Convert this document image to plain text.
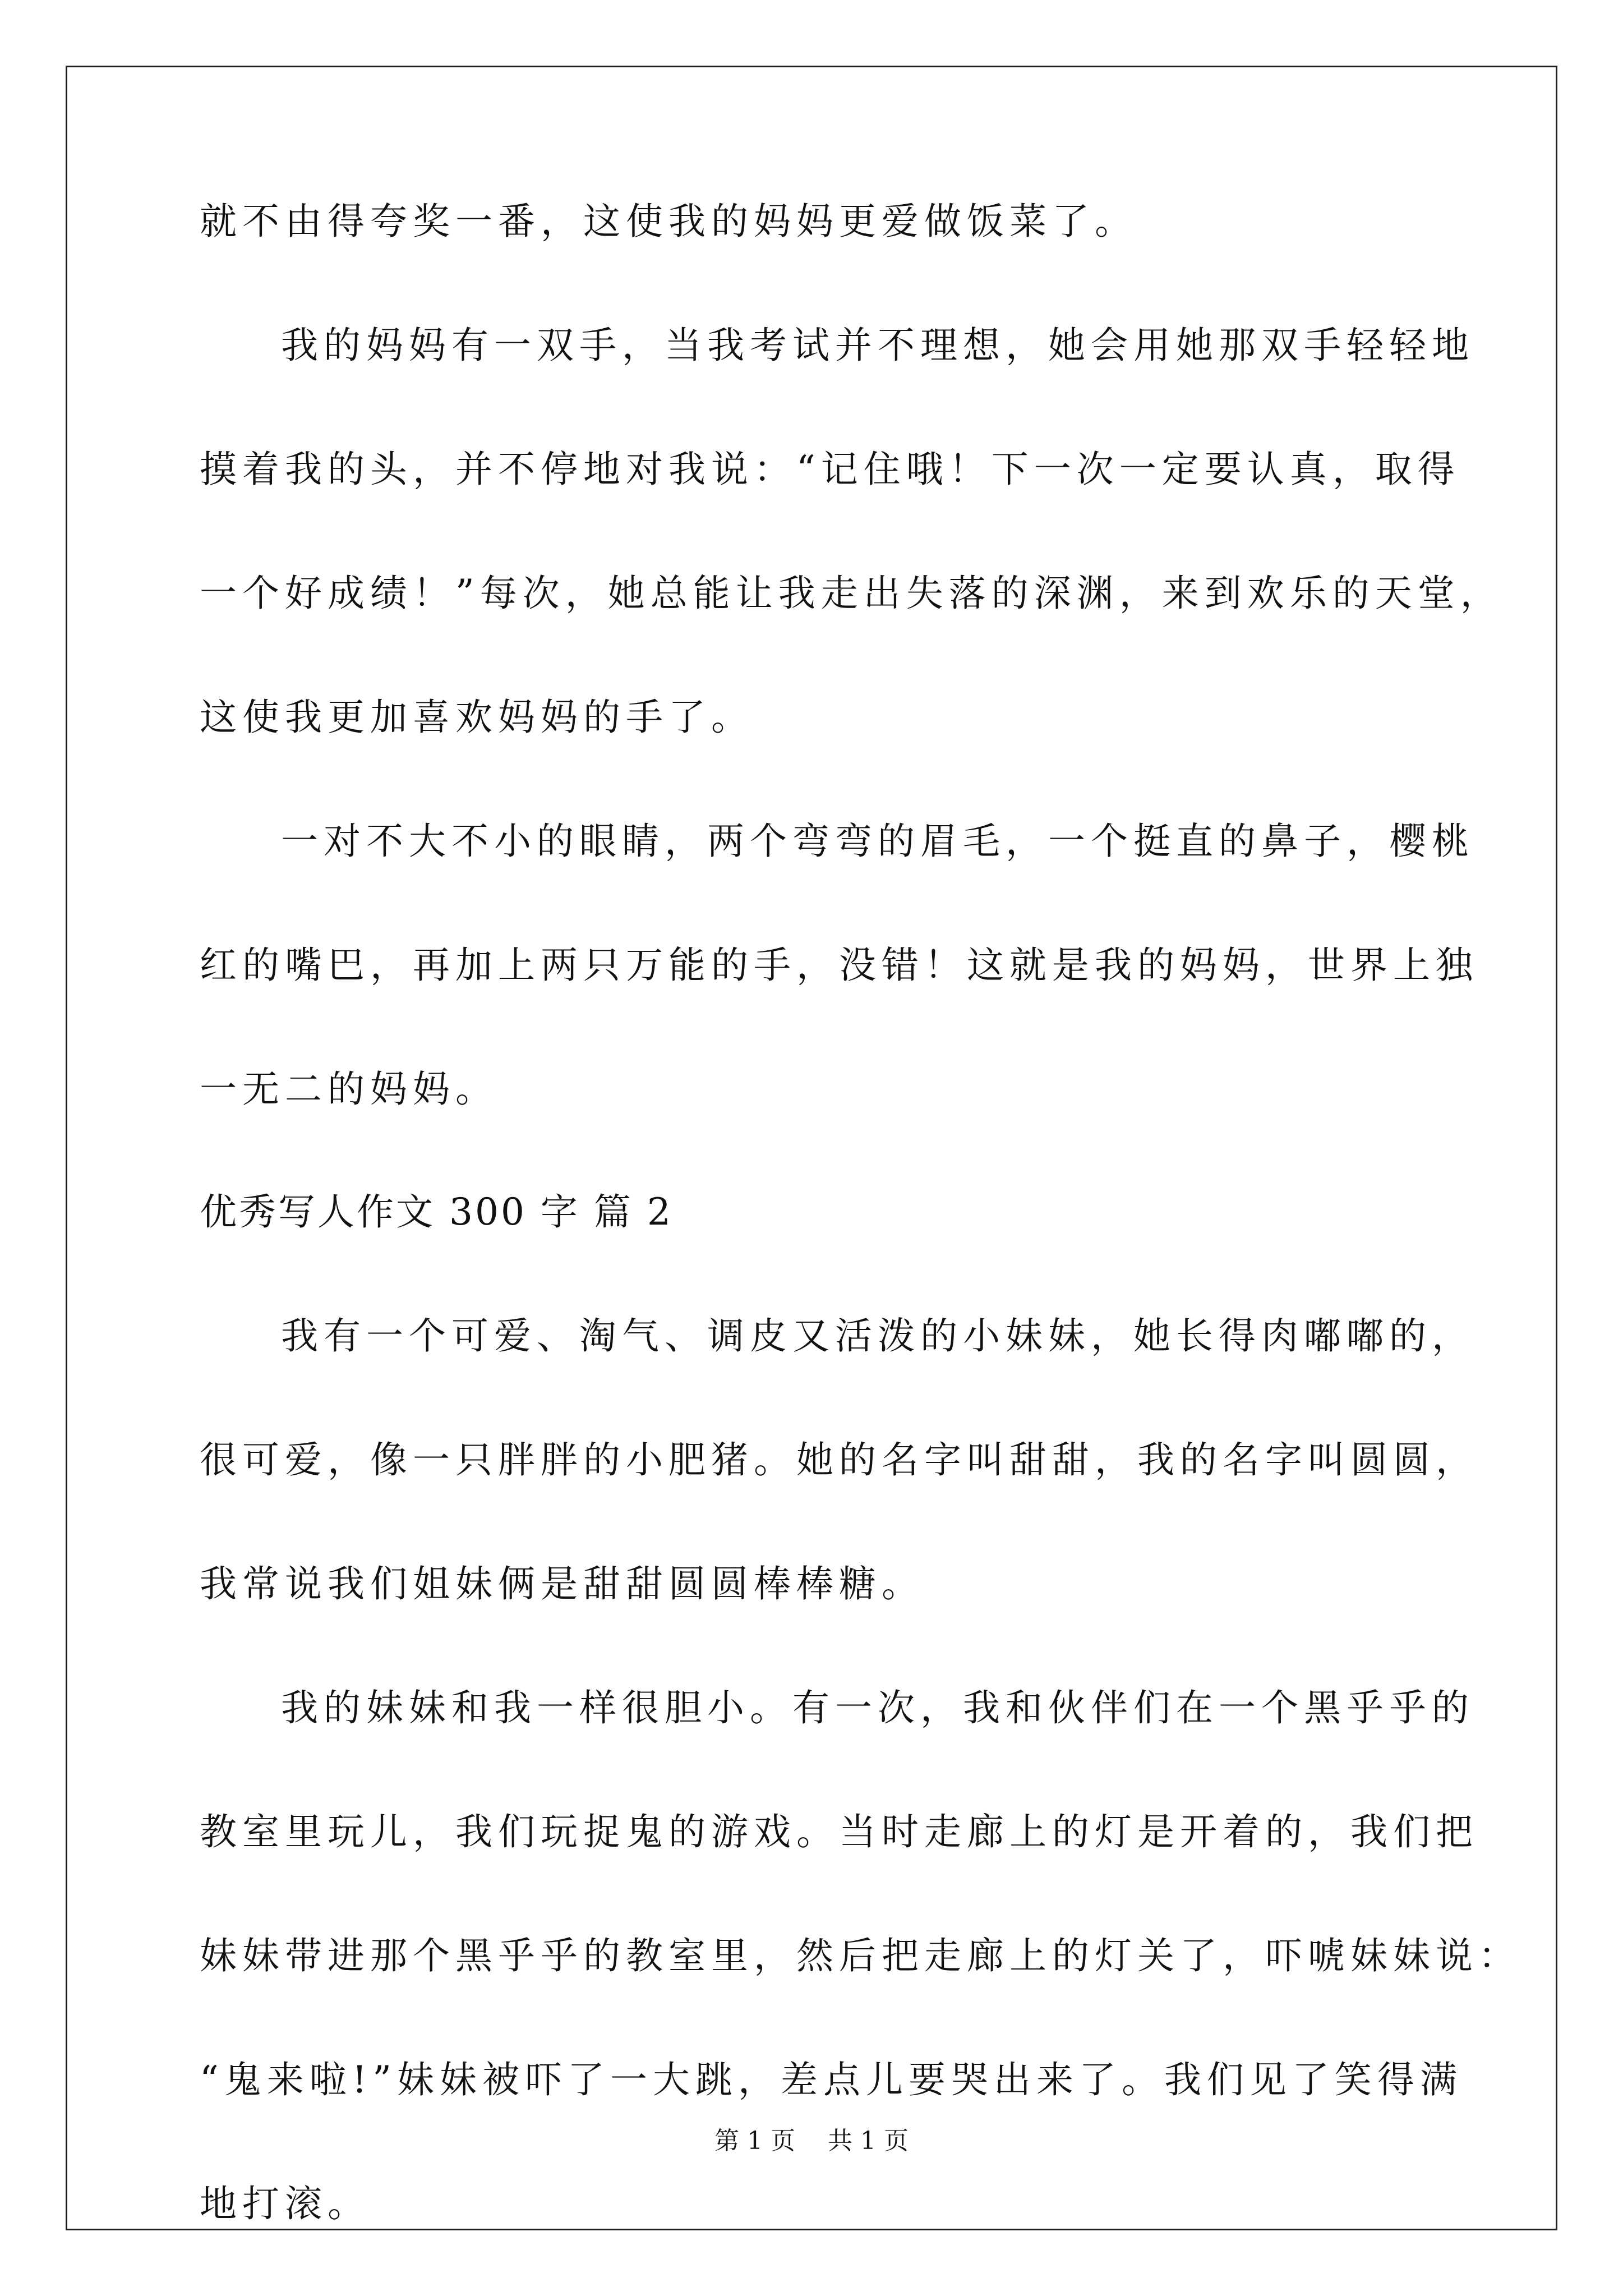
就不由得夸奖一番，这使我的妈妈更爱做饭菜了。
我的妈妈有一双手，当我考试并不理想，她会用她那双手轻轻地
摸着我的头，并不停地对我说：“记住哦！下一次一定要认真，取得
一个好成绩！”每次，她总能让我走出失落的深渊，来到欢乐的天堂，
这使我更加喜欢妈妈的手了。
一对不大不小的眼睛，两个弯弯的眉毛，一个挺直的鼻子，樱桃
红的嘴巴，再加上两只万能的手，没错！这就是我的妈妈，世界上独
一无二的妈妈。
优秀写人作文 300 字 篇 2
我有一个可爱、淘气、调皮又活泼的小妹妹，她长得肉嘟嘟的，
很可爱，像一只胖胖的小肥猪。她的名字叫甜甜，我的名字叫圆圆，
我常说我们姐妹俩是甜甜圆圆棒棒糖。
我的妹妹和我一样很胆小。有一次，我和伙伴们在一个黑乎乎的
教室里玩儿，我们玩捉鬼的游戏。当时走廊上的灯是开着的，我们把
妹妹带进那个黑乎乎的教室里，然后把走廊上的灯关了，吓唬妹妹说：
“鬼来啦!”妹妹被吓了一大跳，差点儿要哭出来了。我们见了笑得满
地打滚。
第 1 页 共 1 页
